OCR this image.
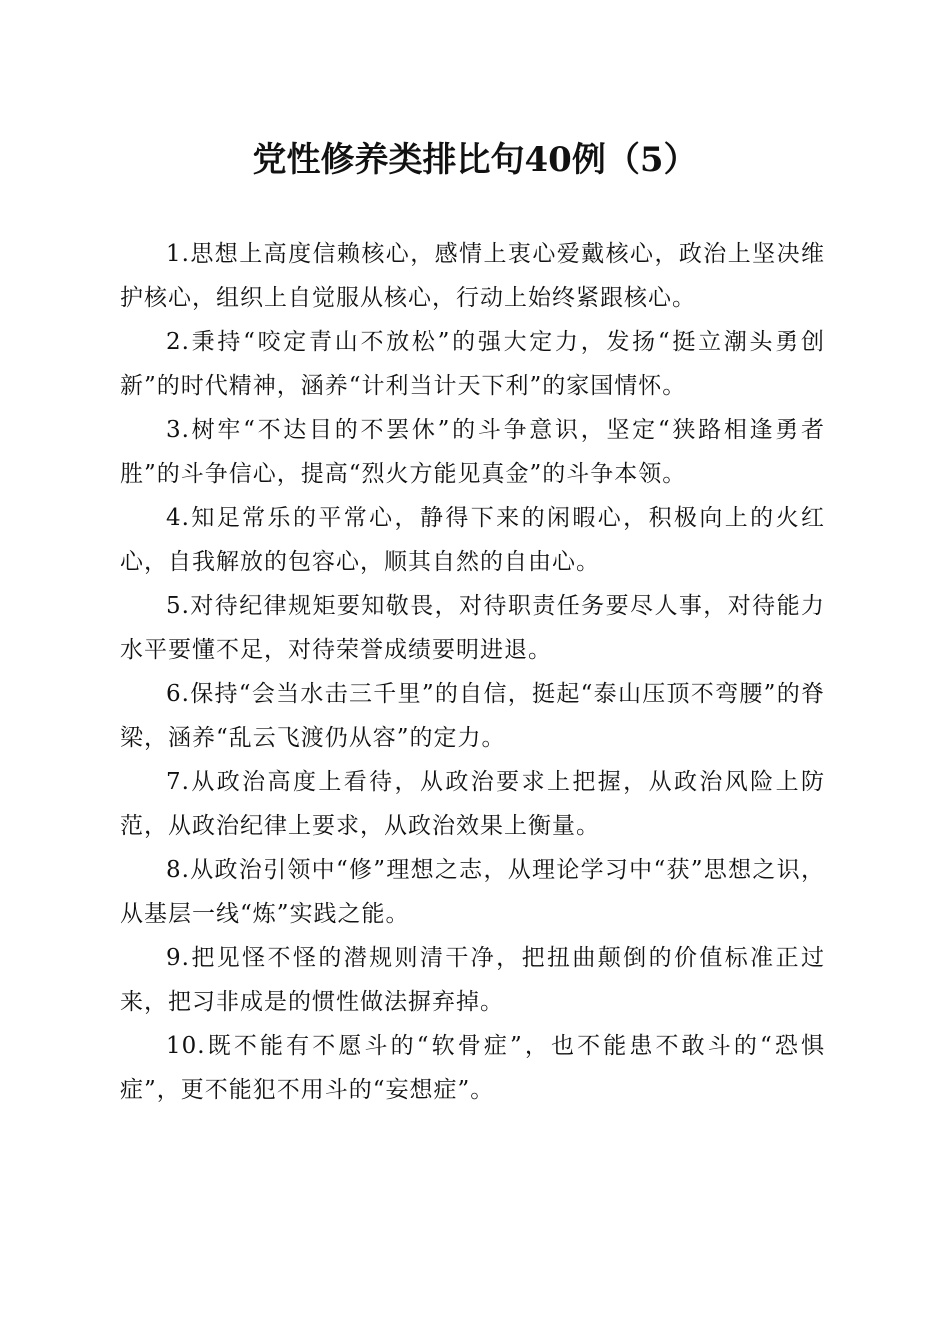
党性修养类排比句40例（5）

1.思想上高度信赖核心，感情上衷心爱戴核心，政治上坚决维护核心，组织上自觉服从核心，行动上始终紧跟核心。

2.秉持“咬定青山不放松”的强大定力，发扬“挺立潮头勇创新”的时代精神，涵养“计利当计天下利”的家国情怀。

3.树牢“不达目的不罢休”的斗争意识，坚定“狭路相逢勇者胜”的斗争信心，提高“烈火方能见真金”的斗争本领。

4.知足常乐的平常心，静得下来的闲暇心，积极向上的火红心，自我解放的包容心，顺其自然的自由心。

5.对待纪律规矩要知敬畏，对待职责任务要尽人事，对待能力水平要懂不足，对待荣誉成绩要明进退。

6.保持“会当水击三千里”的自信，挺起“泰山压顶不弯腰”的脊梁，涵养“乱云飞渡仍从容”的定力。

7.从政治高度上看待，从政治要求上把握，从政治风险上防范，从政治纪律上要求，从政治效果上衡量。

8.从政治引领中“修”理想之志，从理论学习中“获”思想之识，从基层一线“炼”实践之能。

9.把见怪不怪的潜规则清干净，把扭曲颠倒的价值标准正过来，把习非成是的惯性做法摒弃掉。

10.既不能有不愿斗的“软骨症”，也不能患不敢斗的“恐惧症”，更不能犯不用斗的“妄想症”。
